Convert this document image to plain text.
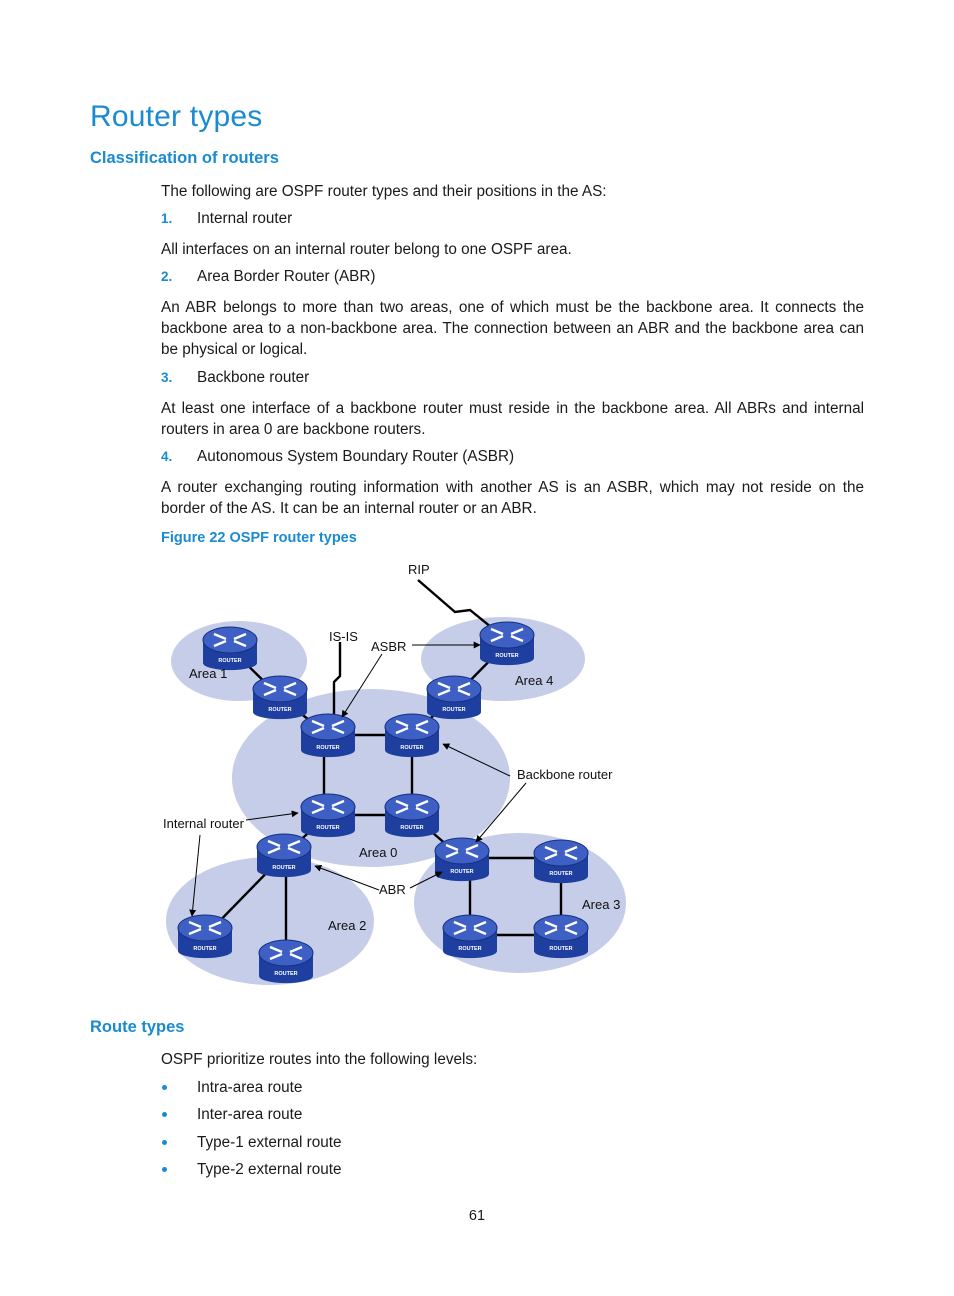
Router types
Classification of routers

The following are OSPF router types and their positions in the AS:

1. Internal router

All interfaces on an internal router belong to one OSPF area.

2. Area Border Router (ABR)

An ABR belongs to more than two areas, one of which must be the backbone area. It connects the backbone area to a non-backbone area. The connection between an ABR and the backbone area can be physical or logical.

3. Backbone router

At least one interface of a backbone router must reside in the backbone area. All ABRs and internal routers in area 0 are backbone routers.

4. Autonomous System Boundary Router (ASBR)

A router exchanging routing information with another AS is an ASBR, which may not reside on the border of the AS. It can be an internal router or an ABR.

Figure 22 OSPF router types

ROUTER
ROUTER
ROUTER
ROUTER
ROUTER	ROUTER
ROUTER	ROUTER
ROUTER
ROUTER	ROUTER
ROUTER
ROUTER
ROUTER	ROUTER
RIP
IS-IS
ASBR
Area 1	Area 4
Backbone router
Internal router
Area 0
ABR
Area 3
Area 2
Route types

OSPF prioritize routes into the following levels:

Intra-area route
Inter-area route
Type-1 external route
Type-2 external route
61
